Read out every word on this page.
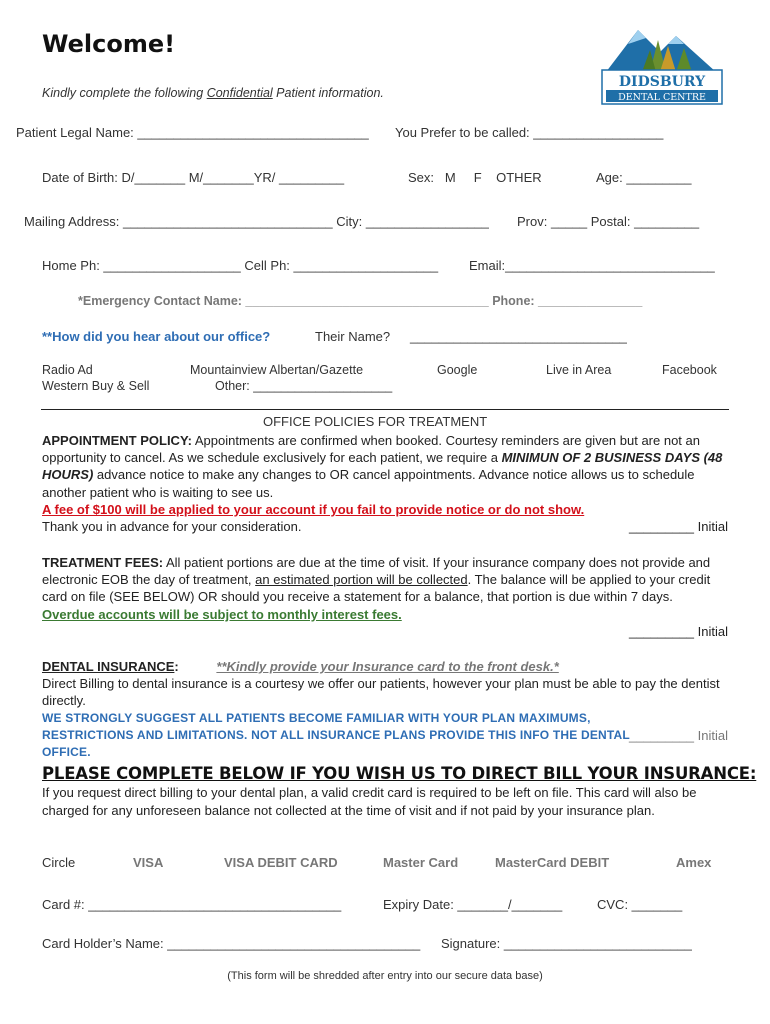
Welcome!
Kindly complete the following Confidential Patient information.
DIDSBURY
DENTAL CENTRE
Patient Legal Name: ________________________________ You Prefer to be called: __________________
Date of Birth: D/_______ M/_______YR/ _________	Sex:   M     F    OTHER	Age: _________
Mailing Address: _____________________________ City: _________________ Prov: _____ Postal: _________
Home Ph: ___________________ Cell Ph: ____________________ Email:_____________________________
*Emergency Contact Name: ___________________________________ Phone: _______________
**How did you hear about our office?	Their Name? ______________________________
Radio Ad
Western Buy & Sell
Mountainview Albertan/Gazette
Other: ____________________
Google	Live in Area	Facebook
OFFICE POLICIES FOR TREATMENT
APPOINTMENT POLICY: Appointments are confirmed when booked. Courtesy reminders are given but are not an opportunity to cancel. As we schedule exclusively for each patient, we require a MINIMUN OF 2 BUSINESS DAYS (48 HOURS) advance notice to make any changes to OR cancel appointments. Advance notice allows us to schedule another patient who is waiting to see us.
A fee of $100 will be applied to your account if you fail to provide notice or do not show.
Thank you in advance for your consideration.	_________ Initial
TREATMENT FEES: All patient portions are due at the time of visit. If your insurance company does not provide and electronic EOB the day of treatment, an estimated portion will be collected. The balance will be applied to your credit card on file (SEE BELOW) OR should you receive a statement for a balance, that portion is due within 7 days.
Overdue accounts will be subject to monthly interest fees.
_________ Initial
DENTAL INSURANCE:	**Kindly provide your Insurance card to the front desk.*
Direct Billing to dental insurance is a courtesy we offer our patients, however your plan must be able to pay the dentist directly.
WE STRONGLY SUGGEST ALL PATIENTS BECOME FAMILIAR WITH YOUR PLAN MAXIMUMS, RESTRICTIONS AND LIMITATIONS. NOT ALL INSURANCE PLANS PROVIDE THIS INFO THE DENTAL OFFICE.
_________ Initial
PLEASE COMPLETE BELOW IF YOU WISH US TO DIRECT BILL YOUR INSURANCE:
If you request direct billing to your dental plan, a valid credit card is required to be left on file. This card will also be charged for any unforeseen balance not collected at the time of visit and if not paid by your insurance plan.
Circle	VISA	VISA DEBIT CARD	Master Card	MasterCard DEBIT	Amex
Card #: ___________________________________	Expiry Date: _______/_______	CVC: _______
Card Holder’s Name: ___________________________________ Signature: __________________________
(This form will be shredded after entry into our secure data base)
